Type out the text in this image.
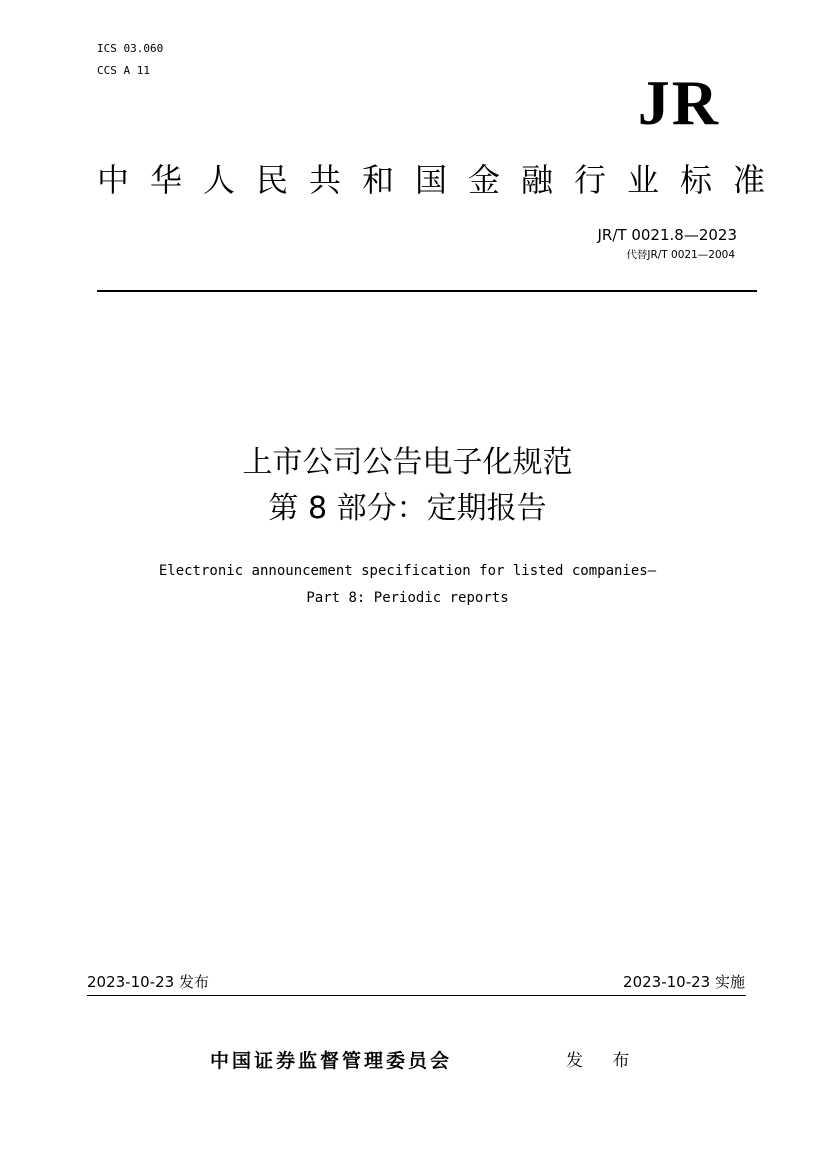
ICS 03.060
CCS A 11	JR
中华人民共和国金融行业标准
JR/T 0021.8—2023
代替JR/T 0021—2004
上市公司公告电子化规范
第 8 部分：定期报告
Electronic announcement specification for listed companies—
Part 8: Periodic reports
2023-10-23 发布	2023-10-23 实施
中国证券监督管理委员会	发 布
